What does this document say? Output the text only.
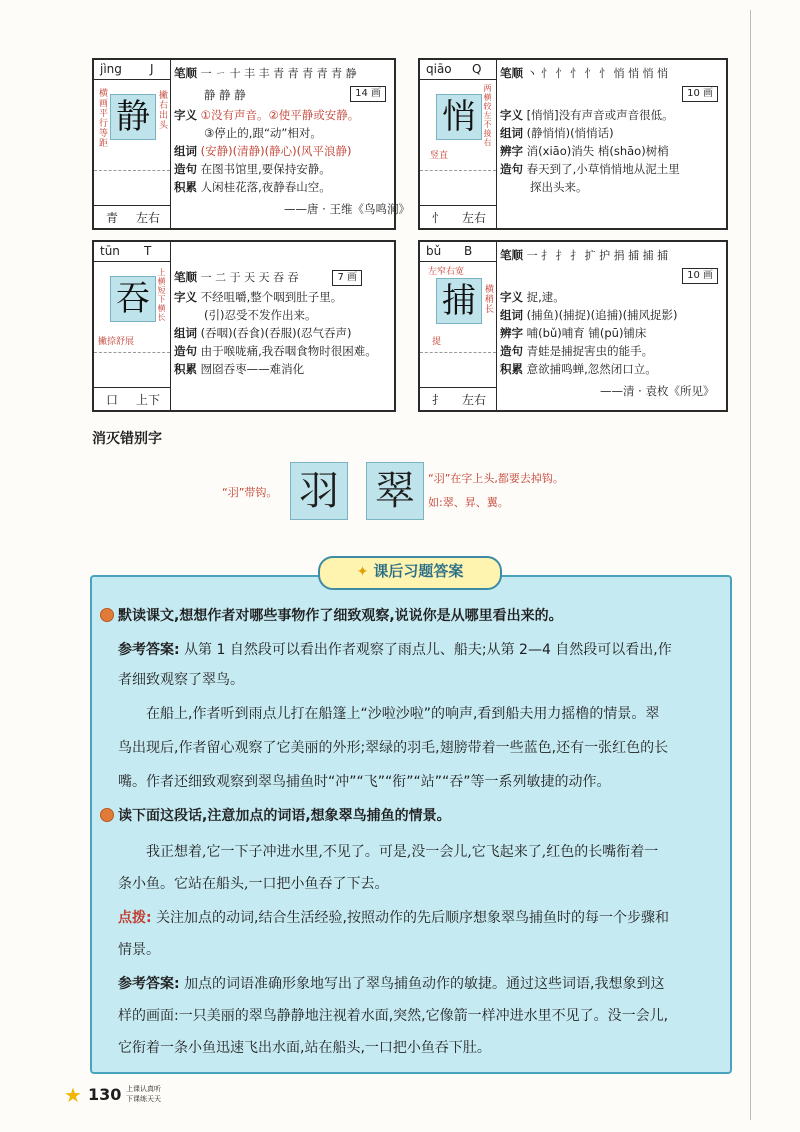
jìng J
静
横画平行等距	撇右出头
青 左右
笔顺 一 ㄧ 十 丰 丰 青 青 青 青 青 静
静 静 静	14 画
字义 ①没有声音。②使平静或安静。
③停止的,跟“动”相对。
组词 (安静)(清静)(静心)(风平浪静)
造句 在图书馆里,要保持安静。
积累 人闲桂花落,夜静春山空。
——唐 · 王维《鸟鸣涧》
qiāo Q
悄
竖直
两横较左不接右
忄 左右
笔顺 丶 忄 忄 忄 忄 忄 悄 悄 悄 悄
10 画
字义 [悄悄]没有声音或声音很低。
组词 (静悄悄)(悄悄话)
辨字 消(xiāo)消失 梢(shāo)树梢
造句 春天到了,小草悄悄地从泥土里
探出头来。
tūn T
吞
撇捺舒展
上横短下横长
口 上下
笔顺 一 二 于 天 天 吞 吞	7 画
字义 不经咀嚼,整个咽到肚子里。
(引)忍受不发作出来。
组词 (吞咽)(吞食)(吞服)(忍气吞声)
造句 由于喉咙痛,我吞咽食物时很困难。
积累 囫囵吞枣——难消化
bǔ B
左窄右宽
捕
提
横稍长
扌 左右
笔顺 一 扌 扌 扌 扩 护 捐 捕 捕 捕
10 画
字义 捉,逮。
组词 (捕鱼)(捕捉)(追捕)(捕风捉影)
辨字 哺(bǔ)哺育 铺(pū)铺床
造句 青蛙是捕捉害虫的能手。
积累 意欲捕鸣蝉,忽然闭口立。
——清 · 袁枚《所见》
消灭错别字
“羽”带钩。 羽 翠	“羽”在字上头,都要去掉钩。
如:翠、昇、翼。
✦ 课后习题答案
默读课文,想想作者对哪些事物作了细致观察,说说你是从哪里看出来的。
参考答案: 从第 1 自然段可以看出作者观察了雨点儿、船夫;从第 2—4 自然段可以看出,作
者细致观察了翠鸟。
在船上,作者听到雨点儿打在船篷上“沙啦沙啦”的响声,看到船夫用力摇橹的情景。翠
鸟出现后,作者留心观察了它美丽的外形;翠绿的羽毛,翅膀带着一些蓝色,还有一张红色的长
嘴。作者还细致观察到翠鸟捕鱼时“冲”“飞”“衔”“站”“吞”等一系列敏捷的动作。
读下面这段话,注意加点的词语,想象翠鸟捕鱼的情景。
我正想着,它一下子冲进水里,不见了。可是,没一会儿,它飞起来了,红色的长嘴衔着一
条小鱼。它站在船头,一口把小鱼吞了下去。
点拨: 关注加点的动词,结合生活经验,按照动作的先后顺序想象翠鸟捕鱼时的每一个步骤和
情景。
参考答案: 加点的词语准确形象地写出了翠鸟捕鱼动作的敏捷。通过这些词语,我想象到这
样的画面:一只美丽的翠鸟静静地注视着水面,突然,它像箭一样冲进水里不见了。没一会儿,
它衔着一条小鱼迅速飞出水面,站在船头,一口把小鱼吞下肚。
★ 130 上课认真听
下课练天天
